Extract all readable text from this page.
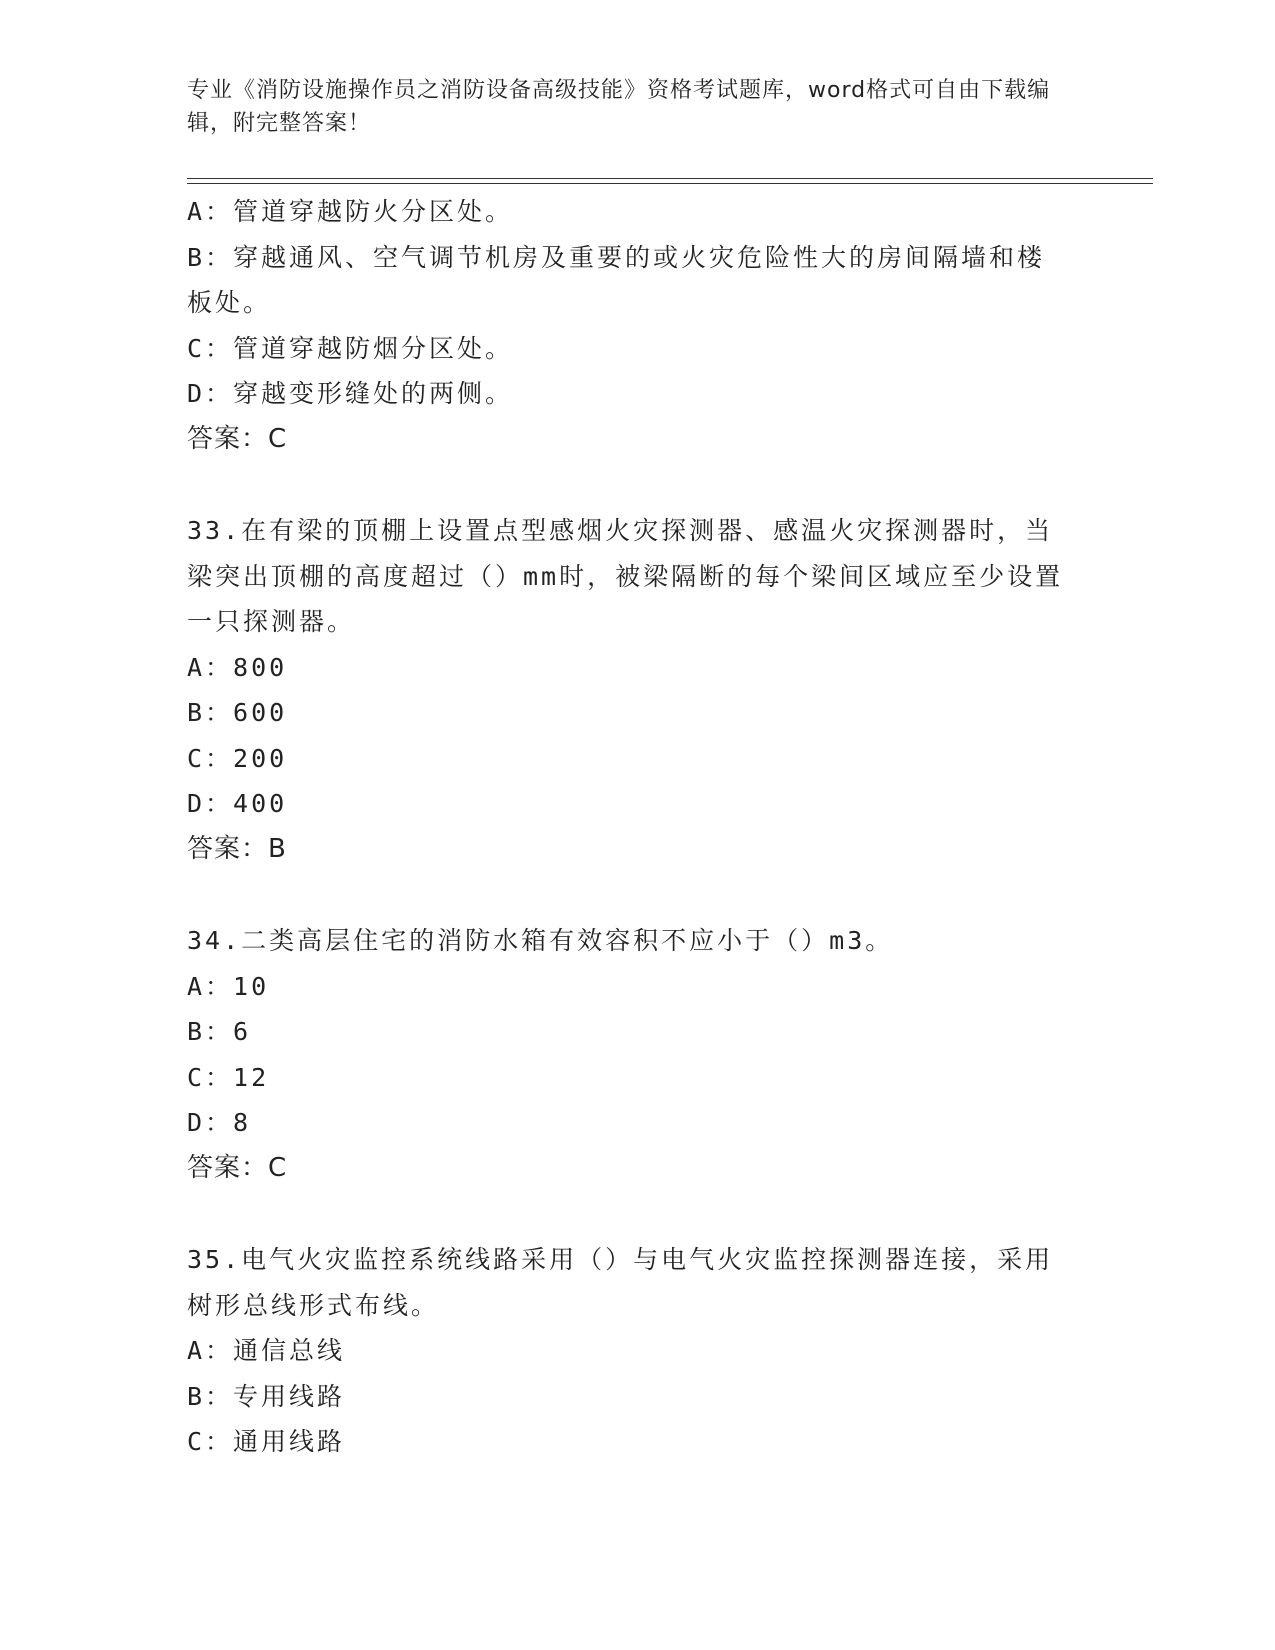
专业《消防设施操作员之消防设备高级技能》资格考试题库，word格式可自由下载编辑，附完整答案！
A：管道穿越防火分区处。
B：穿越通风、空气调节机房及重要的或火灾危险性大的房间隔墙和楼板处。
C：管道穿越防烟分区处。
D：穿越变形缝处的两侧。
答案：C
33.在有梁的顶棚上设置点型感烟火灾探测器、感温火灾探测器时，当梁突出顶棚的高度超过（）mm时，被梁隔断的每个梁间区域应至少设置一只探测器。
A：800
B：600
C：200
D：400
答案：B
34.二类高层住宅的消防水箱有效容积不应小于（）m3。
A：10
B：6
C：12
D：8
答案：C
35.电气火灾监控系统线路采用（）与电气火灾监控探测器连接，采用树形总线形式布线。
A：通信总线
B：专用线路
C：通用线路
